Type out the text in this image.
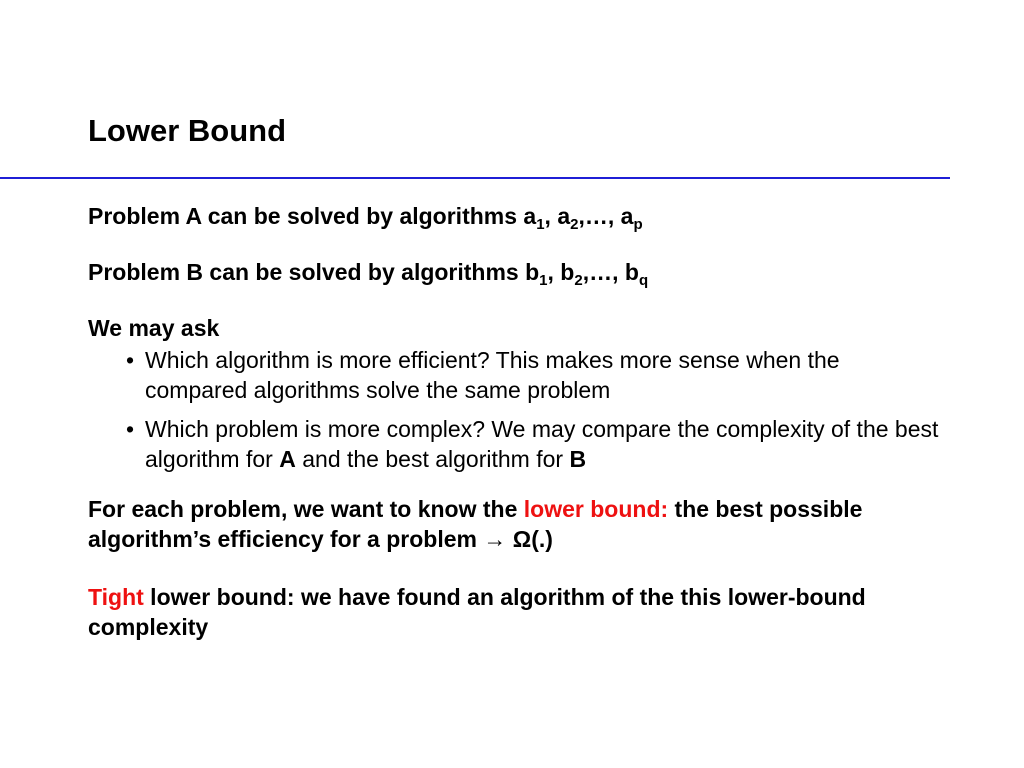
Lower Bound

Problem A can be solved by algorithms $a_1$, $a_2,\dots$, $a_p$

Problem B can be solved by algorithms $b_1$, $b_2,\dots$, $b_q$

We may ask

• Which algorithm is more efficient? This makes more sense when the compared algorithms solve the same problem
• Which problem is more complex? We may compare the complexity of the best algorithm for A and the best algorithm for B

For each problem, we want to know the lower bound: the best possible algorithm’s efficiency for a problem → Ω(.)

Tight lower bound: we have found an algorithm of the this lower-bound complexity
